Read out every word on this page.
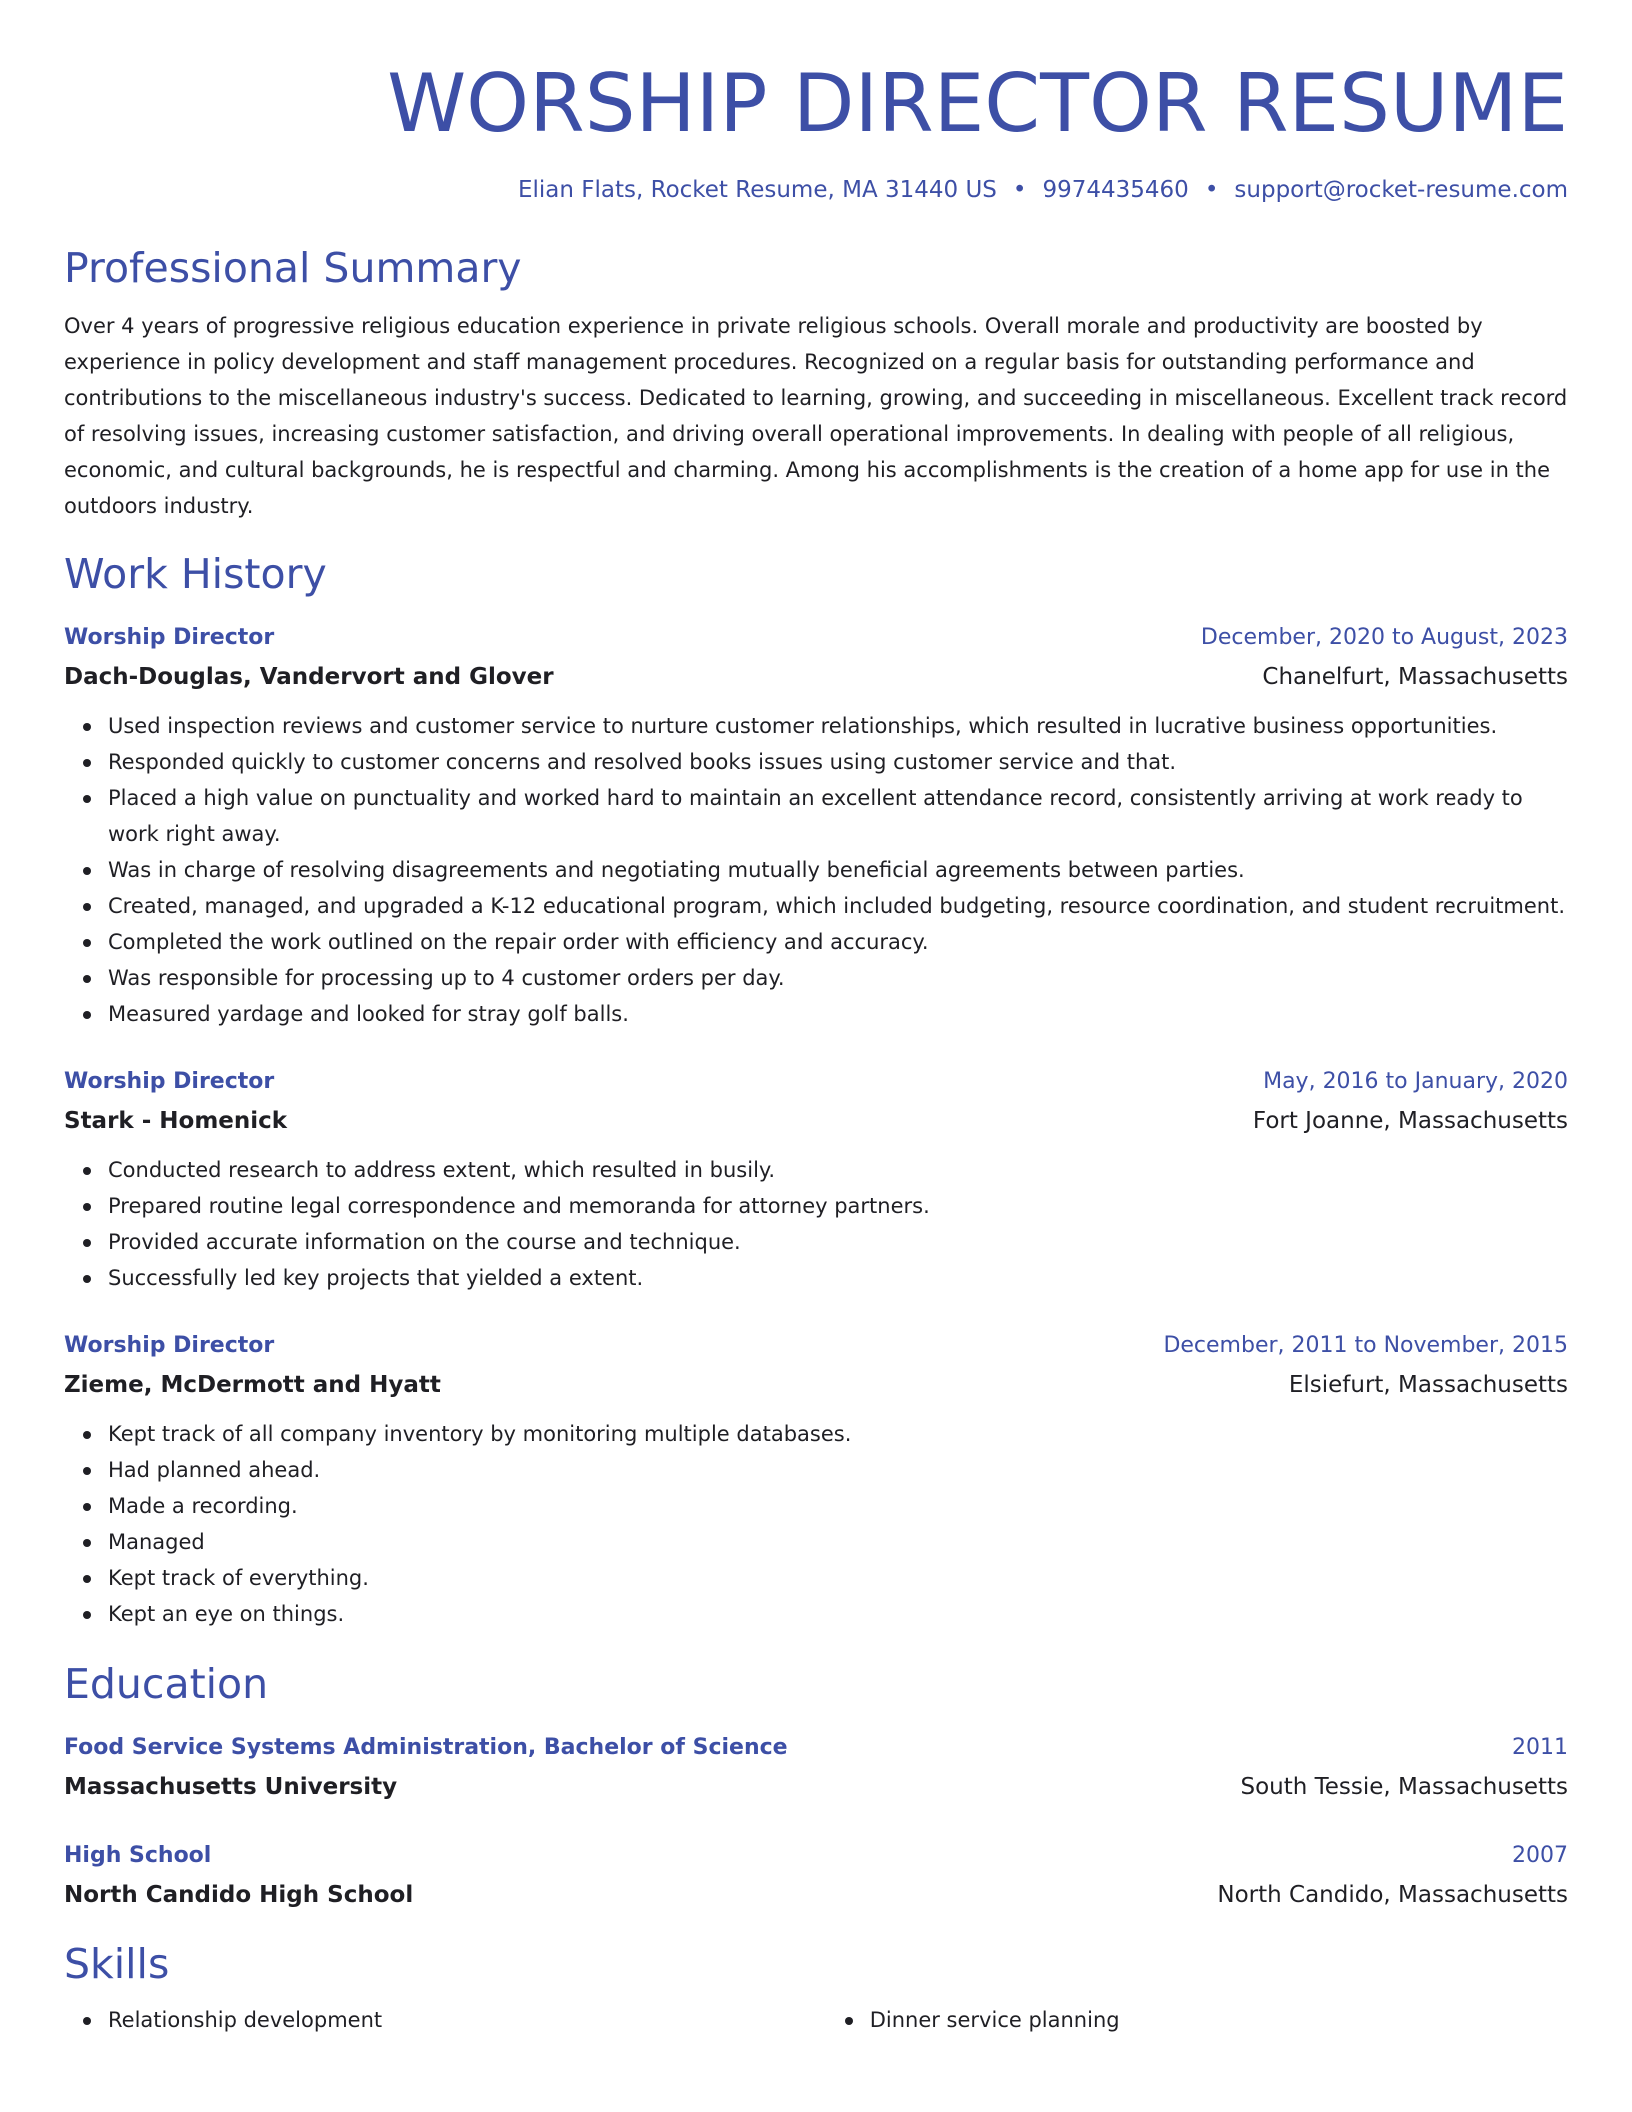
WORSHIP DIRECTOR RESUME
Elian Flats, Rocket Resume, MA 31440 US • 9974435460 • support@rocket-resume.com
Professional Summary

Over 4 years of progressive religious education experience in private religious schools. Overall morale and productivity are boosted by experience in policy development and staff management procedures. Recognized on a regular basis for outstanding performance and contributions to the miscellaneous industry's success. Dedicated to learning, growing, and succeeding in miscellaneous. Excellent track record of resolving issues, increasing customer satisfaction, and driving overall operational improvements. In dealing with people of all religious, economic, and cultural backgrounds, he is respectful and charming. Among his accomplishments is the creation of a home app for use in the outdoors industry.

Work History
Worship Director	December, 2020 to August, 2023
Dach-Douglas, Vandervort and Glover	Chanelfurt, Massachusetts
Used inspection reviews and customer service to nurture customer relationships, which resulted in lucrative business opportunities.
Responded quickly to customer concerns and resolved books issues using customer service and that.
Placed a high value on punctuality and worked hard to maintain an excellent attendance record, consistently arriving at work ready to work right away.
Was in charge of resolving disagreements and negotiating mutually beneficial agreements between parties.
Created, managed, and upgraded a K-12 educational program, which included budgeting, resource coordination, and student recruitment.
Completed the work outlined on the repair order with efficiency and accuracy.
Was responsible for processing up to 4 customer orders per day.
Measured yardage and looked for stray golf balls.
Worship Director	May, 2016 to January, 2020
Stark - Homenick	Fort Joanne, Massachusetts
Conducted research to address extent, which resulted in busily.
Prepared routine legal correspondence and memoranda for attorney partners.
Provided accurate information on the course and technique.
Successfully led key projects that yielded a extent.
Worship Director	December, 2011 to November, 2015
Zieme, McDermott and Hyatt	Elsiefurt, Massachusetts
Kept track of all company inventory by monitoring multiple databases.
Had planned ahead.
Made a recording.
Managed
Kept track of everything.
Kept an eye on things.
Education
Food Service Systems Administration, Bachelor of Science	2011
Massachusetts University	South Tessie, Massachusetts
High School	2007
North Candido High School	North Candido, Massachusetts
Skills
Relationship development	Dinner service planning
